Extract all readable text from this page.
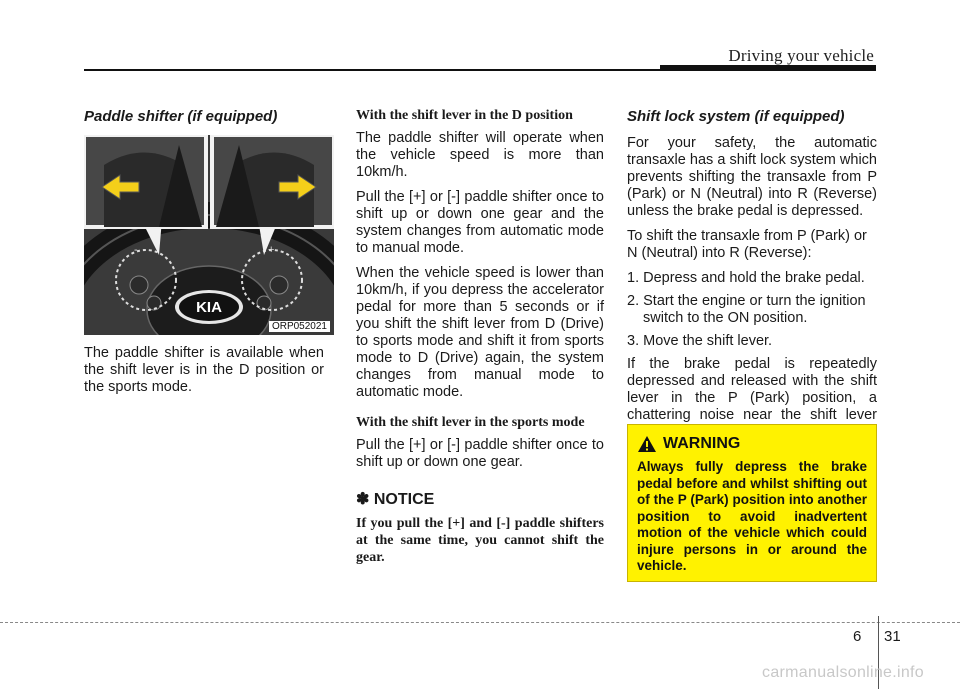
Driving your vehicle
Paddle shifter (if equipped)
KIA
-	+
ORP052021
The paddle shifter is available when the shift lever is in the D position or the sports mode.
With the shift lever in the D position
The paddle shifter will operate when the vehicle speed is more than 10km/h.
Pull the [+] or [-] paddle shifter once to shift up or down one gear and the system changes from automatic mode to manual mode.
When the vehicle speed is lower than 10km/h, if you depress the accelerator pedal for more than 5 seconds or if you shift the shift lever from D (Drive) to sports mode and shift it from sports mode to D (Drive) again, the system changes from manual mode to automatic mode.
With the shift lever in the sports mode
Pull the [+] or [-] paddle shifter once to shift up or down one gear.
✽ NOTICE
If you pull the [+] and [-] paddle shifters at the same time, you cannot shift the gear.
Shift lock system (if equipped)
For your safety, the automatic transaxle has a shift lock system which prevents shifting the transaxle from P (Park) or N (Neutral) into R (Reverse) unless the brake pedal is depressed.
To shift the transaxle from P (Park) or N (Neutral) into R (Reverse):
1. Depress and hold the brake pedal.
2. Start the engine or turn the ignition switch to the ON position.
3. Move the shift lever.
If the brake pedal is repeatedly depressed and released with the shift lever in the P (Park) position, a chattering noise near the shift lever
WARNING
Always fully depress the brake pedal before and whilst shifting out of the P (Park) position into another position to avoid inadvertent motion of the vehicle which could injure persons in or around the vehicle.
6 31
carmanualsonline.info
